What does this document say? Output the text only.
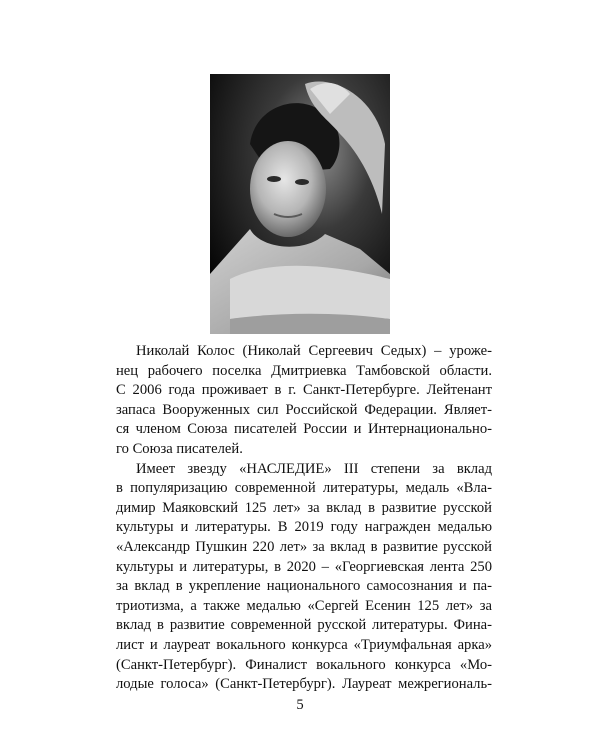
Николай Колос (Николай Сергеевич Седых) – уроже-
нец рабочего поселка Дмитриевка Тамбовской области.
С 2006 года проживает в г. Санкт-Петербурге. Лейтенант
запаса Вооруженных сил Российской Федерации. Являет-
ся членом Союза писателей России и Интернационально-
го Союза писателей.
Имеет звезду «НАСЛЕДИЕ» III степени за вклад
в популяризацию современной литературы, медаль «Вла-
димир Маяковский 125 лет» за вклад в развитие русской
культуры и литературы. В 2019 году награжден медалью
«Александр Пушкин 220 лет» за вклад в развитие русской
культуры и литературы, в 2020 – «Георгиевская лента 250
за вклад в укрепление национального самосознания и па-
триотизма, а также медалью «Сергей Есенин 125 лет» за
вклад в развитие современной русской литературы. Фина-
лист и лауреат вокального конкурса «Триумфальная арка»
(Санкт-Петербург). Финалист вокального конкурса «Мо-
лодые голоса» (Санкт-Петербург). Лауреат межрегиональ-
5
